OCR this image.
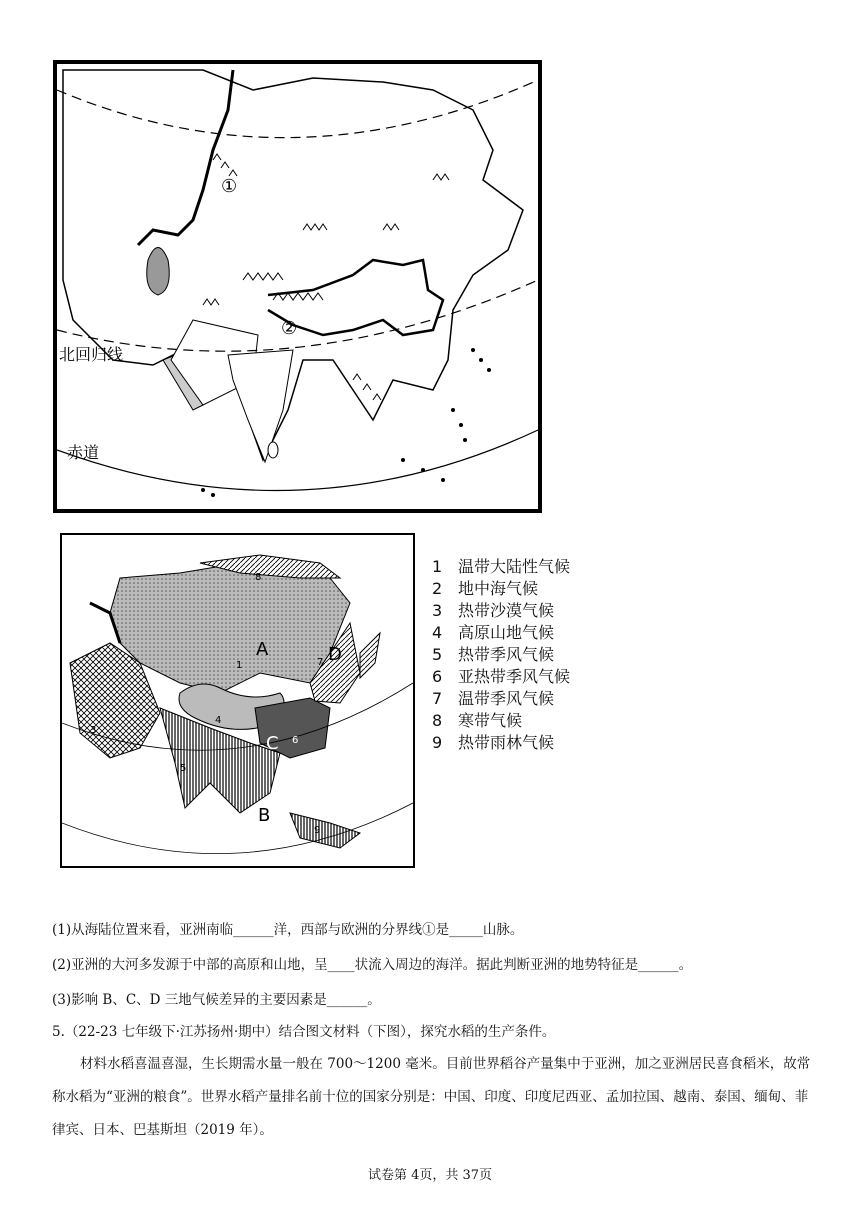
①
②
北回归线
赤道
A
B
C
D
1
3
4
5
6
7
8
9
1 温带大陆性气候
2 地中海气候
3 热带沙漠气候
4 高原山地气候
5 热带季风气候
6 亚热带季风气候
7 温带季风气候
8 寒带气候
9 热带雨林气候
(1)从海陆位置来看，亚洲南临______洋，西部与欧洲的分界线①是_____山脉。
(2)亚洲的大河多发源于中部的高原和山地，呈____状流入周边的海洋。据此判断亚洲的地势特征是______。
(3)影响 B、C、D 三地气候差异的主要因素是______。
5.（22-23 七年级下·江苏扬州·期中）结合图文材料（下图），探究水稻的生产条件。
材料水稻喜温喜湿，生长期需水量一般在 700～1200 毫米。目前世界稻谷产量集中于亚洲，加之亚洲居民喜食稻米，故常称水稻为“亚洲的粮食”。世界水稻产量排名前十位的国家分别是：中国、印度、印度尼西亚、孟加拉国、越南、泰国、缅甸、菲律宾、日本、巴基斯坦（2019 年）。
试卷第 4页，共 37页
